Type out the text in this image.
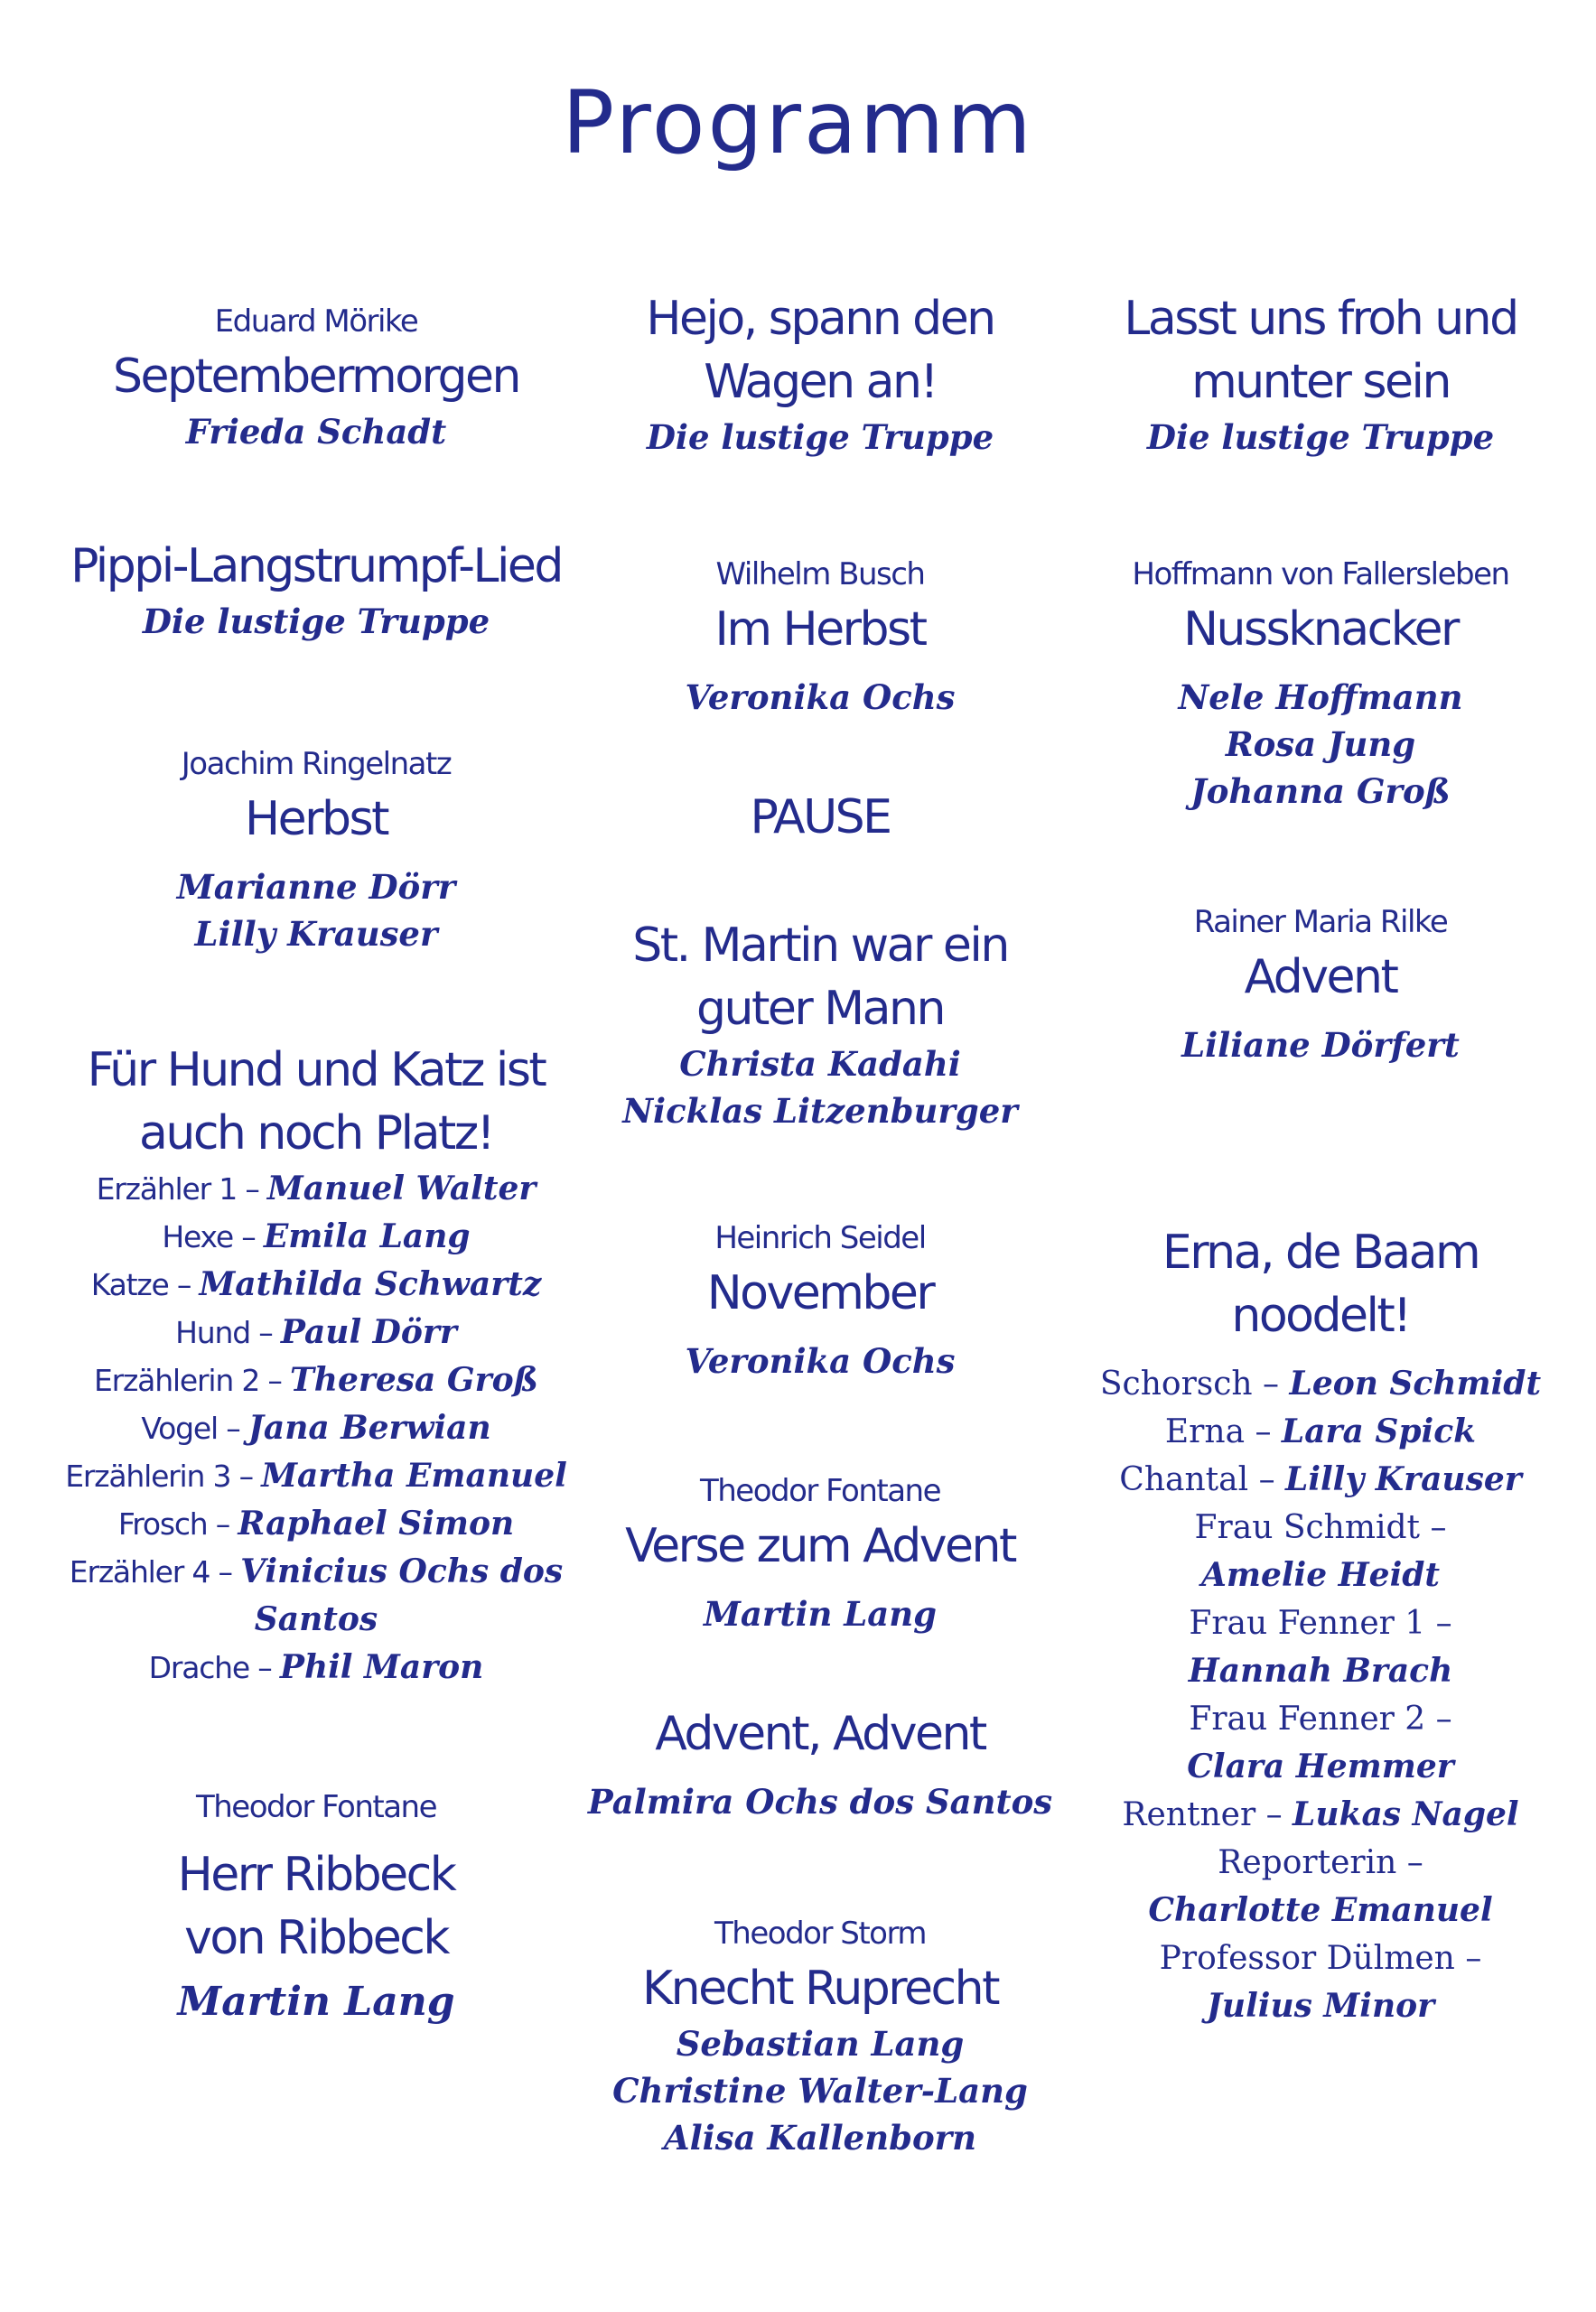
Programm
Eduard Mörike
Septembermorgen
Frieda Schadt
Pippi-Langstrumpf-Lied
Die lustige Truppe
Joachim Ringelnatz
Herbst
Marianne Dörr
Lilly Krauser
Für Hund und Katz ist
auch noch Platz!
Erzähler 1 – Manuel Walter
Hexe – Emila Lang
Katze – Mathilda Schwartz
Hund – Paul Dörr
Erzählerin 2 – Theresa Groß
Vogel – Jana Berwian
Erzählerin 3 – Martha Emanuel
Frosch – Raphael Simon
Erzähler 4 – Vinicius Ochs dos
Santos
Drache – Phil Maron
Theodor Fontane
Herr Ribbeck
von Ribbeck
Martin Lang
Hejo, spann den
Wagen an!
Die lustige Truppe
Wilhelm Busch
Im Herbst
Veronika Ochs
PAUSE
St. Martin war ein
guter Mann
Christa Kadahi
Nicklas Litzenburger
Heinrich Seidel
November
Veronika Ochs
Theodor Fontane
Verse zum Advent
Martin Lang
Advent, Advent
Palmira Ochs dos Santos
Theodor Storm
Knecht Ruprecht
Sebastian Lang
Christine Walter-Lang
Alisa Kallenborn
Lasst uns froh und
munter sein
Die lustige Truppe
Hoffmann von Fallersleben
Nussknacker
Nele Hoffmann
Rosa Jung
Johanna Groß
Rainer Maria Rilke
Advent
Liliane Dörfert
Erna, de Baam noodelt!
Schorsch – Leon Schmidt
Erna – Lara Spick
Chantal – Lilly Krauser
Frau Schmidt –
Amelie Heidt
Frau Fenner 1 –
Hannah Brach
Frau Fenner 2 –
Clara Hemmer
Rentner – Lukas Nagel
Reporterin –
Charlotte Emanuel
Professor Dülmen –
Julius Minor
